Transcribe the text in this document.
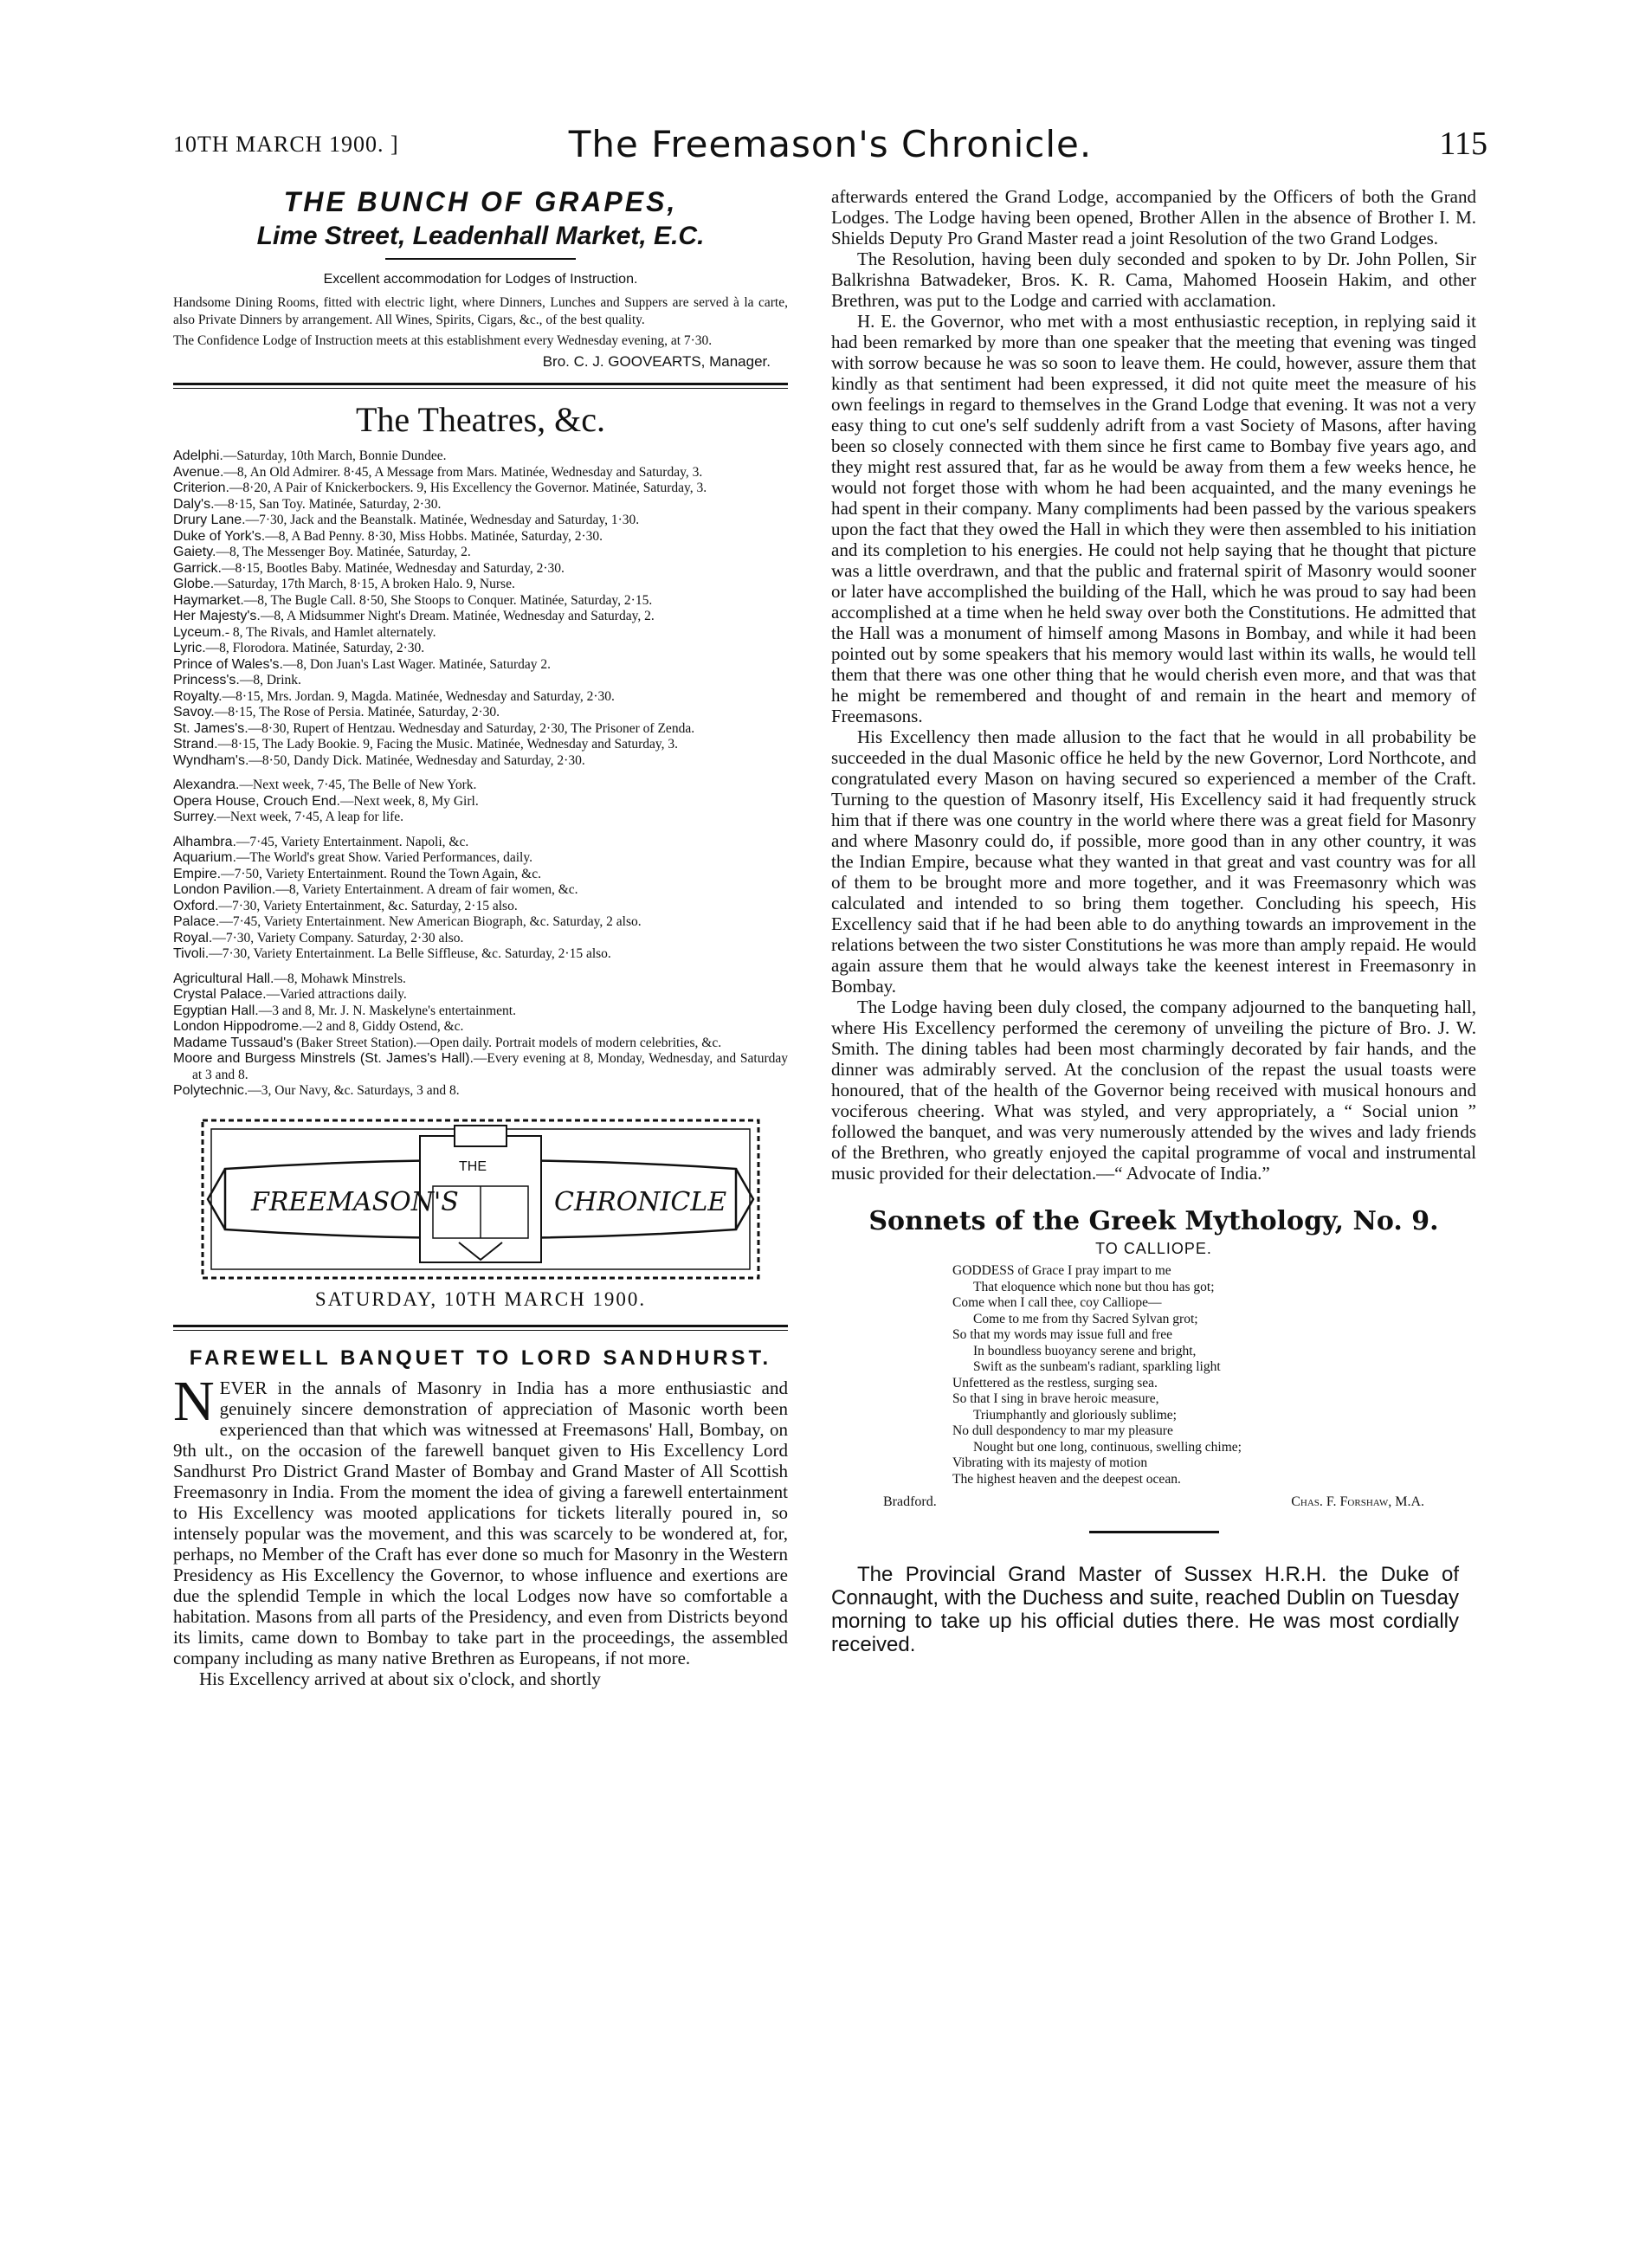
10TH MARCH 1900. ]	The Freemason's Chronicle.	115

THE BUNCH OF GRAPES,

Lime Street, Leadenhall Market, E.C.

Excellent accommodation for Lodges of Instruction.

Handsome Dining Rooms, fitted with electric light, where Dinners, Lunches and Suppers are served à la carte, also Private Dinners by arrangement. All Wines, Spirits, Cigars, &c., of the best quality.

The Confidence Lodge of Instruction meets at this establishment every Wednesday evening, at 7·30.

Bro. C. J. GOOVEARTS, Manager.

The Theatres, &c.

Adelphi.—Saturday, 10th March, Bonnie Dundee.

Avenue.—8, An Old Admirer. 8·45, A Message from Mars. Matinée, Wednesday and Saturday, 3.

Criterion.—8·20, A Pair of Knickerbockers. 9, His Excellency the Governor. Matinée, Saturday, 3.

Daly's.—8·15, San Toy. Matinée, Saturday, 2·30.

Drury Lane.—7·30, Jack and the Beanstalk. Matinée, Wednesday and Saturday, 1·30.

Duke of York's.—8, A Bad Penny. 8·30, Miss Hobbs. Matinée, Saturday, 2·30.

Gaiety.—8, The Messenger Boy. Matinée, Saturday, 2.

Garrick.—8·15, Bootles Baby. Matinée, Wednesday and Saturday, 2·30.

Globe.—Saturday, 17th March, 8·15, A broken Halo. 9, Nurse.

Haymarket.—8, The Bugle Call. 8·50, She Stoops to Conquer. Matinée, Saturday, 2·15.

Her Majesty's.—8, A Midsummer Night's Dream. Matinée, Wednesday and Saturday, 2.

Lyceum.- 8, The Rivals, and Hamlet alternately.

Lyric.—8, Florodora. Matinée, Saturday, 2·30.

Prince of Wales's.—8, Don Juan's Last Wager. Matinée, Saturday 2.

Princess's.—8, Drink.

Royalty.—8·15, Mrs. Jordan. 9, Magda. Matinée, Wednesday and Saturday, 2·30.

Savoy.—8·15, The Rose of Persia. Matinée, Saturday, 2·30.

St. James's.—8·30, Rupert of Hentzau. Wednesday and Saturday, 2·30, The Prisoner of Zenda.

Strand.—8·15, The Lady Bookie. 9, Facing the Music. Matinée, Wednesday and Saturday, 3.

Wyndham's.—8·50, Dandy Dick. Matinée, Wednesday and Saturday, 2·30.

Alexandra.—Next week, 7·45, The Belle of New York.

Opera House, Crouch End.—Next week, 8, My Girl.

Surrey.—Next week, 7·45, A leap for life.

Alhambra.—7·45, Variety Entertainment. Napoli, &c.

Aquarium.—The World's great Show. Varied Performances, daily.

Empire.—7·50, Variety Entertainment. Round the Town Again, &c.

London Pavilion.—8, Variety Entertainment. A dream of fair women, &c.

Oxford.—7·30, Variety Entertainment, &c. Saturday, 2·15 also.

Palace.—7·45, Variety Entertainment. New American Biograph, &c. Saturday, 2 also.

Royal.—7·30, Variety Company. Saturday, 2·30 also.

Tivoli.—7·30, Variety Entertainment. La Belle Siffleuse, &c. Saturday, 2·15 also.

Agricultural Hall.—8, Mohawk Minstrels.

Crystal Palace.—Varied attractions daily.

Egyptian Hall.—3 and 8, Mr. J. N. Maskelyne's entertainment.

London Hippodrome.—2 and 8, Giddy Ostend, &c.

Madame Tussaud's (Baker Street Station).—Open daily. Portrait models of modern celebrities, &c.

Moore and Burgess Minstrels (St. James's Hall).—Every evening at 8, Monday, Wednesday, and Saturday at 3 and 8.

Polytechnic.—3, Our Navy, &c. Saturdays, 3 and 8.

FREEMASON'S
THE
CHRONICLE

SATURDAY, 10TH MARCH 1900.

FAREWELL BANQUET TO LORD SANDHURST.

NEVER in the annals of Masonry in India has a more enthusiastic and genuinely sincere demonstration of appreciation of Masonic worth been experienced than that which was witnessed at Freemasons' Hall, Bombay, on 9th ult., on the occasion of the farewell banquet given to His Excellency Lord Sandhurst Pro District Grand Master of Bombay and Grand Master of All Scottish Freemasonry in India. From the moment the idea of giving a farewell entertainment to His Excellency was mooted applications for tickets literally poured in, so intensely popular was the movement, and this was scarcely to be wondered at, for, perhaps, no Member of the Craft has ever done so much for Masonry in the Western Presidency as His Excellency the Governor, to whose influence and exertions are due the splendid Temple in which the local Lodges now have so comfortable a habitation. Masons from all parts of the Presidency, and even from Districts beyond its limits, came down to Bombay to take part in the proceedings, the assembled company including as many native Brethren as Europeans, if not more.

His Excellency arrived at about six o'clock, and shortly

afterwards entered the Grand Lodge, accompanied by the Officers of both the Grand Lodges. The Lodge having been opened, Brother Allen in the absence of Brother I. M. Shields Deputy Pro Grand Master read a joint Resolution of the two Grand Lodges.

The Resolution, having been duly seconded and spoken to by Dr. John Pollen, Sir Balkrishna Batwadeker, Bros. K. R. Cama, Mahomed Hoosein Hakim, and other Brethren, was put to the Lodge and carried with acclamation.

H. E. the Governor, who met with a most enthusiastic reception, in replying said it had been remarked by more than one speaker that the meeting that evening was tinged with sorrow because he was so soon to leave them. He could, however, assure them that kindly as that sentiment had been expressed, it did not quite meet the measure of his own feelings in regard to themselves in the Grand Lodge that evening. It was not a very easy thing to cut one's self suddenly adrift from a vast Society of Masons, after having been so closely connected with them since he first came to Bombay five years ago, and they might rest assured that, far as he would be away from them a few weeks hence, he would not forget those with whom he had been acquainted, and the many evenings he had spent in their company. Many compliments had been passed by the various speakers upon the fact that they owed the Hall in which they were then assembled to his initiation and its completion to his energies. He could not help saying that he thought that picture was a little overdrawn, and that the public and fraternal spirit of Masonry would sooner or later have accomplished the building of the Hall, which he was proud to say had been accomplished at a time when he held sway over both the Constitutions. He admitted that the Hall was a monument of himself among Masons in Bombay, and while it had been pointed out by some speakers that his memory would last within its walls, he would tell them that there was one other thing that he would cherish even more, and that was that he might be remembered and thought of and remain in the heart and memory of Freemasons.

His Excellency then made allusion to the fact that he would in all probability be succeeded in the dual Masonic office he held by the new Governor, Lord Northcote, and congratulated every Mason on having secured so experienced a member of the Craft. Turning to the question of Masonry itself, His Excellency said it had frequently struck him that if there was one country in the world where there was a great field for Masonry and where Masonry could do, if possible, more good than in any other country, it was the Indian Empire, because what they wanted in that great and vast country was for all of them to be brought more and more together, and it was Freemasonry which was calculated and intended to so bring them together. Concluding his speech, His Excellency said that if he had been able to do anything towards an improvement in the relations between the two sister Constitutions he was more than amply repaid. He would again assure them that he would always take the keenest interest in Freemasonry in Bombay.

The Lodge having been duly closed, the company adjourned to the banqueting hall, where His Excellency performed the ceremony of unveiling the picture of Bro. J. W. Smith. The dining tables had been most charmingly decorated by fair hands, and the dinner was admirably served. At the conclusion of the repast the usual toasts were honoured, that of the health of the Governor being received with musical honours and vociferous cheering. What was styled, and very appropriately, a “ Social union ” followed the banquet, and was very numerously attended by the wives and lady friends of the Brethren, who greatly enjoyed the capital programme of vocal and instrumental music provided for their delectation.—“ Advocate of India.”

Sonnets of the Greek Mythology, No. 9.

TO CALLIOPE.

GODDESS of Grace I pray impart to me
That eloquence which none but thou has got;
Come when I call thee, coy Calliope—
Come to me from thy Sacred Sylvan grot;
So that my words may issue full and free
In boundless buoyancy serene and bright,
Swift as the sunbeam's radiant, sparkling light
Unfettered as the restless, surging sea.
So that I sing in brave heroic measure,
Triumphantly and gloriously sublime;
No dull despondency to mar my pleasure
Nought but one long, continuous, swelling chime;
Vibrating with its majesty of motion
The highest heaven and the deepest ocean.
Bradford.	Chas. F. Forshaw, M.A.

The Provincial Grand Master of Sussex H.R.H. the Duke of Connaught, with the Duchess and suite, reached Dublin on Tuesday morning to take up his official duties there. He was most cordially received.
